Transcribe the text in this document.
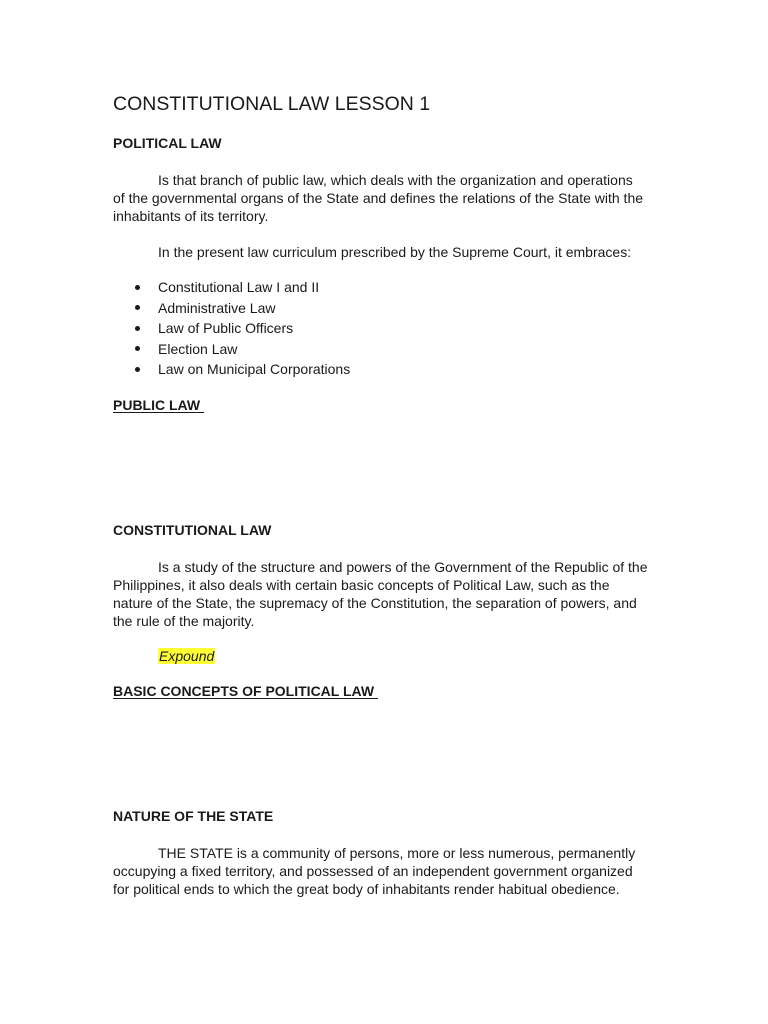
CONSTITUTIONAL LAW LESSON 1
POLITICAL LAW

Is that branch of public law, which deals with the organization and operations of the governmental organs of the State and defines the relations of the State with the inhabitants of its territory.

In the present law curriculum prescribed by the Supreme Court, it embraces:

Constitutional Law I and II
Administrative Law
Law of Public Officers
Election Law
Law on Municipal Corporations
PUBLIC LAW
CONSTITUTIONAL LAW

Is a study of the structure and powers of the Government of the Republic of the Philippines, it also deals with certain basic concepts of Political Law, such as the nature of the State, the supremacy of the Constitution, the separation of powers, and the rule of the majority.

Expound
BASIC CONCEPTS OF POLITICAL LAW
NATURE OF THE STATE

THE STATE is a community of persons, more or less numerous, permanently occupying a fixed territory, and possessed of an independent government organized for political ends to which the great body of inhabitants render habitual obedience.
